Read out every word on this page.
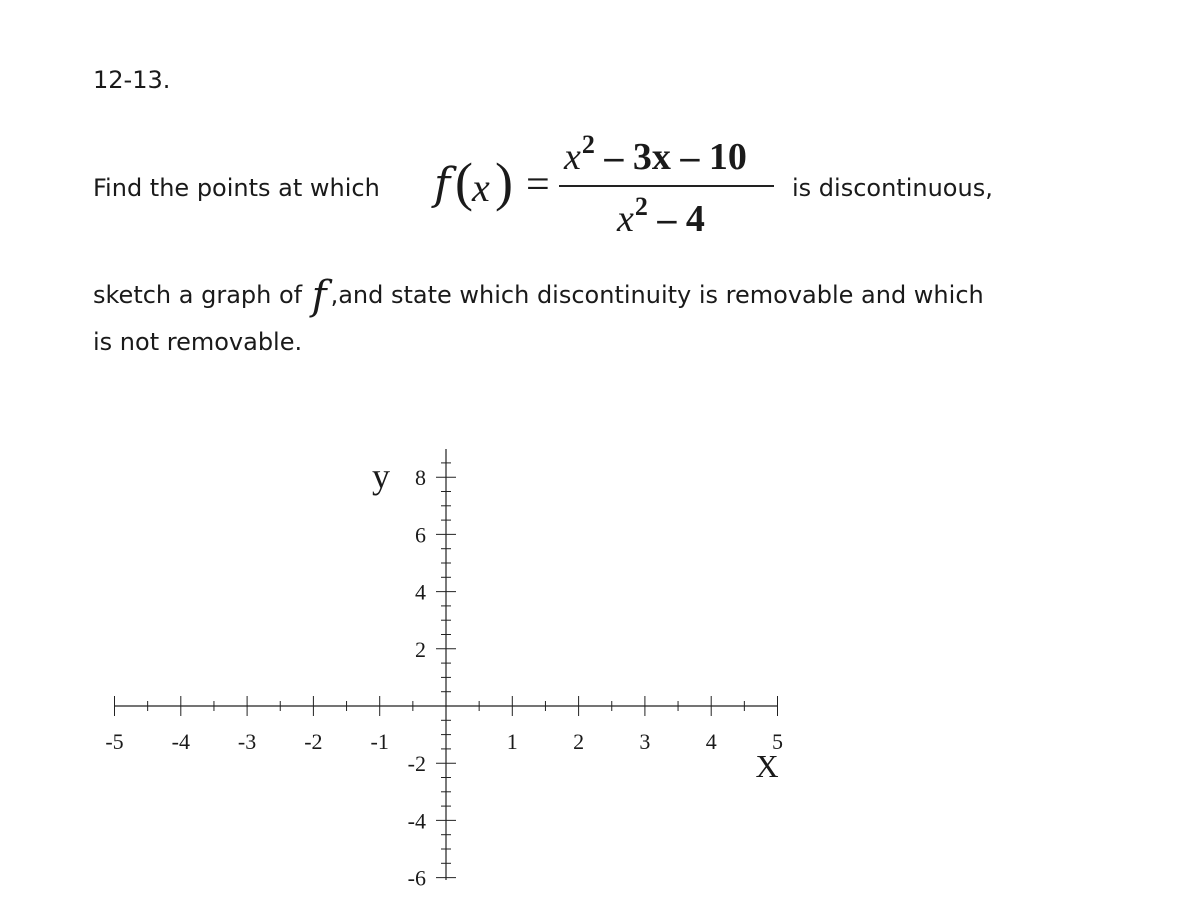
12-13.
Find the points at which f ( x ) =
$x^2 - 3x - 10$
$x^2 - 4$
is discontinuous,
sketch a graph of f ,and state which discontinuity is removable and which
is not removable.
-5 -4 -3 -2 -1	1	2	3	4	5
8
6
4
2
-2
-4
-6
X
y
